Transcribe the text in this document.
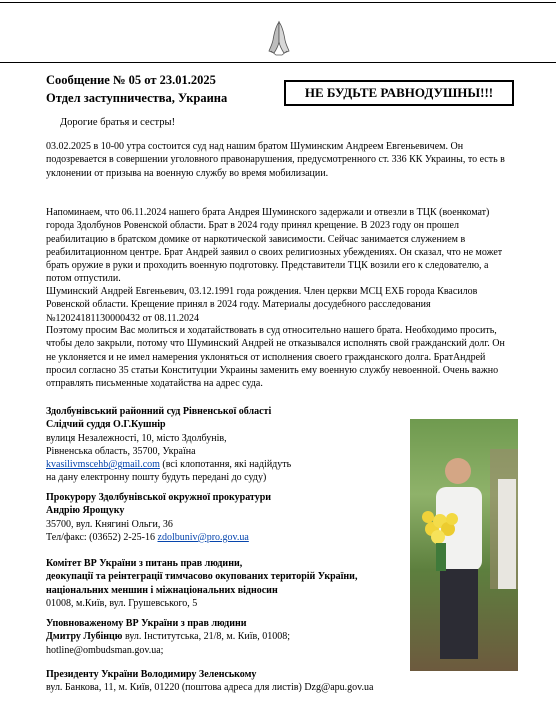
Сообщение № 05 от 23.01.2025
Отдел заступничества, Украина	НЕ БУДЬТЕ РАВНОДУШНЫ!!!
Дорогие братья и сестры!

03.02.2025 в 10-00 утра состоится суд над нашим братом Шуминским Андреем Евгеньевичем. Он подозревается в совершении уголовного правонарушения, предусмотренного ст. 336 КК Украины, то есть в уклонении от призыва на военную службу во время мобилизации.

Напоминаем, что 06.11.2024 нашего брата Андрея Шуминского задержали и отвезли в ТЦК (военкомат) города Здолбунов Ровенской области. Брат в 2024 году принял крещение. В 2023 году он прошел реабилитацию в братском домике от наркотической зависимости. Сейчас занимается служением в реабилитационном центре. Брат Андрей заявил о своих религиозных убеждениях. Он сказал, что не может брать оружие в руки и проходить военную подготовку. Представители ТЦК возили его к следователю, а потом отпустили.

Шуминский Андрей Евгеньевич, 03.12.1991 года рождения. Член церкви МСЦ ЕХБ города Квасилов Ровенской области. Крещение принял в 2024 году. Материалы досудебного расследования №12024181130000432 от 08.11.2024

Поэтому просим Вас молиться и ходатайствовать в суд относительно нашего брата. Необходимо просить, чтобы дело закрыли, потому что Шуминский Андрей не отказывался исполнять свой гражданский долг. Он не уклоняется и не имел намерения уклоняться от исполнения своего гражданского долга. БратАндрей просил согласно 35 статьи Конституции Украины заменить ему военную службу невоенной. Очень важно отправлять письменные ходатайства на адрес суда.

Здолбунівський районний суд Рівненської області
Слідчий суддя О.Г.Кушнір
вулиця Незалежності, 10, місто Здолбунів,
Рівненська область, 35700, Україна
kvasilivmscehb@gmail.com (всі клопотання, які надійдуть
на дану електронну пошту будуть передані до суду)
Прокурору Здолбунівської окружної прокуратури
Андрію Ярощуку
35700, вул. Княгині Ольги, 36
Тел/факс: (03652) 2-25-16 zdolbuniv@pro.gov.ua
Комітет ВР України з питань прав людини,
деокупації та реінтеграції тимчасово окупованих територій України,
національних меншин і міжнаціональних відносин
01008, м.Київ, вул. Грушевського, 5
Уповноваженому ВР України з прав людини
Дмитру Лубінцю вул. Інститутська, 21/8, м. Київ, 01008;
hotline@ombudsman.gov.ua;
Президенту України Володимиру Зеленському
вул. Банкова, 11, м. Київ, 01220 (поштова адреса для листів) Dzg@apu.gov.ua
